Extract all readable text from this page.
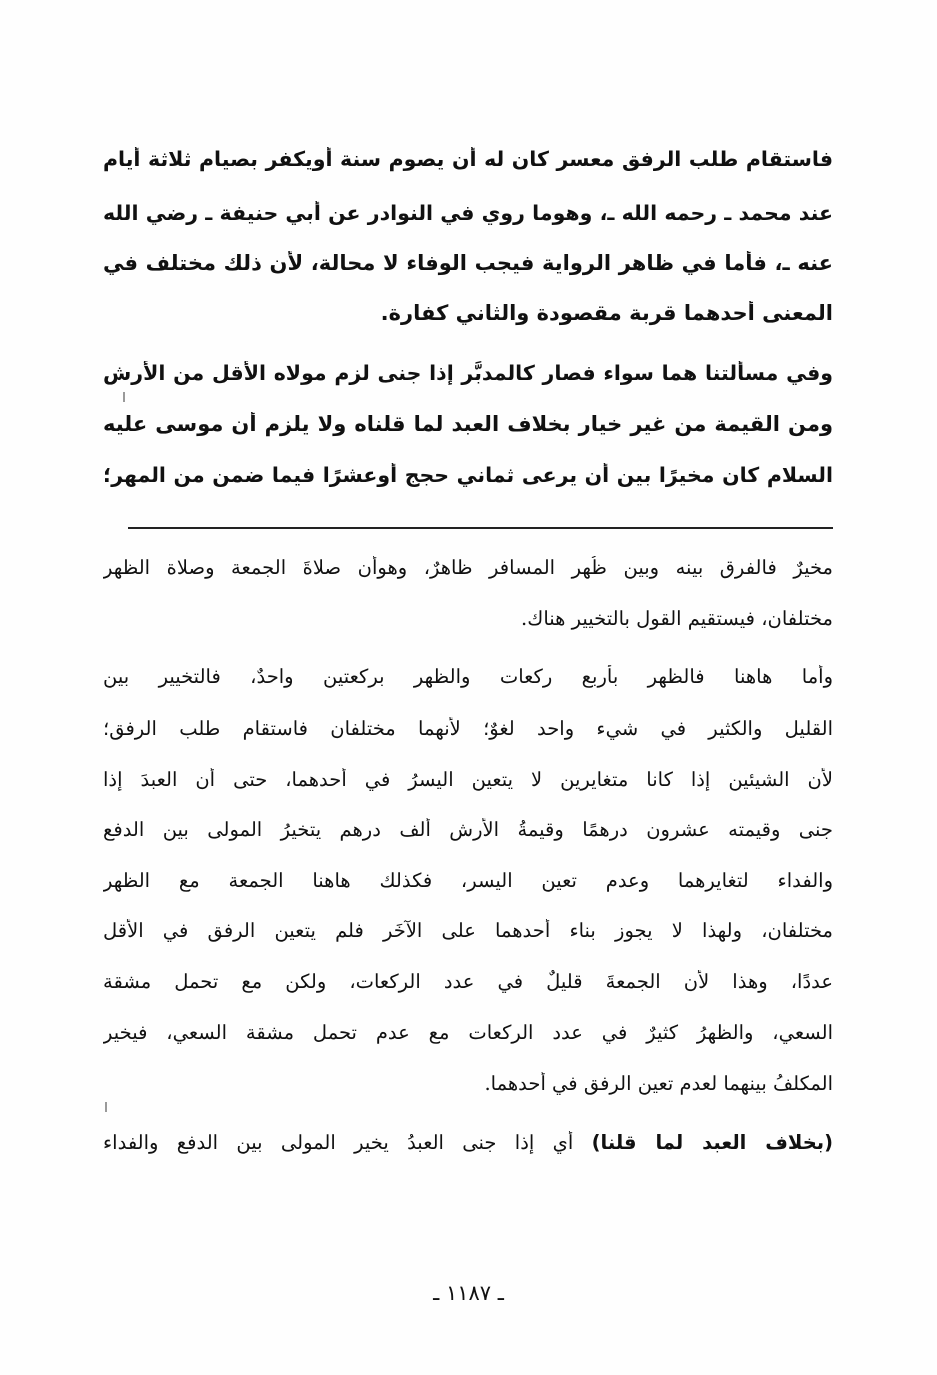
فاستقام طلب الرفق معسر كان له أن يصوم سنة أويكفر بصيام ثلاثة أيام
عند محمد ـ رحمه الله ـ، وهوما روي في النوادر عن أبي حنيفة ـ رضي الله
عنه ـ، فأما في ظاهر الرواية فيجب الوفاء لا محالة، لأن ذلك مختلف في
المعنى أحدهما قربة مقصودة والثاني كفارة.
وفي مسألتنا هما سواء فصار كالمدبَّر إذا جنى لزم مولاه الأقل من الأرش
ومن القيمة من غير خيار بخلاف العبد لما قلناه ولا يلزم أن موسى عليه
السلام كان مخيرًا بين أن يرعى ثماني حجج أوعشرًا فيما ضمن من المهر؛
مخيرٌ فالفرق بينه وبين ظُهر المسافر ظاهرٌ، وهوأن صلاةَ الجمعة وصلاة الظهر
مختلفان، فيستقيم القول بالتخيير هناك.
وأما هاهنا فالظهر بأربع ركعات والظهر بركعتين واحدٌ، فالتخيير بين
القليل والكثير في شيء واحد لغوٌ؛ لأنهما مختلفان فاستقام طلب الرفق؛
لأن الشيئين إذا كانا متغايرين لا يتعين اليسرُ في أحدهما، حتى أن العبدَ إذا
جنى وقيمته عشرون درهمًا وقيمةُ الأرش ألف درهم يتخيرُ المولى بين الدفع
والفداء لتغايرهما وعدم تعين اليسر، فكذلك هاهنا الجمعة مع الظهر
مختلفان، ولهذا لا يجوز بناء أحدهما على الآخَر فلم يتعين الرفق في الأقل
عددًا، وهذا لأن الجمعةَ قليلٌ في عدد الركعات، ولكن مع تحمل مشقة
السعي، والظهرُ كثيرٌ في عدد الركعات مع عدم تحمل مشقة السعي، فيخير
المكلفُ بينهما لعدم تعين الرفق في أحدهما.
(بخلاف العبد لما قلنا) أي إذا جنى العبدُ يخير المولى بين الدفع والفداء
ـ ١١٨٧ ـ
